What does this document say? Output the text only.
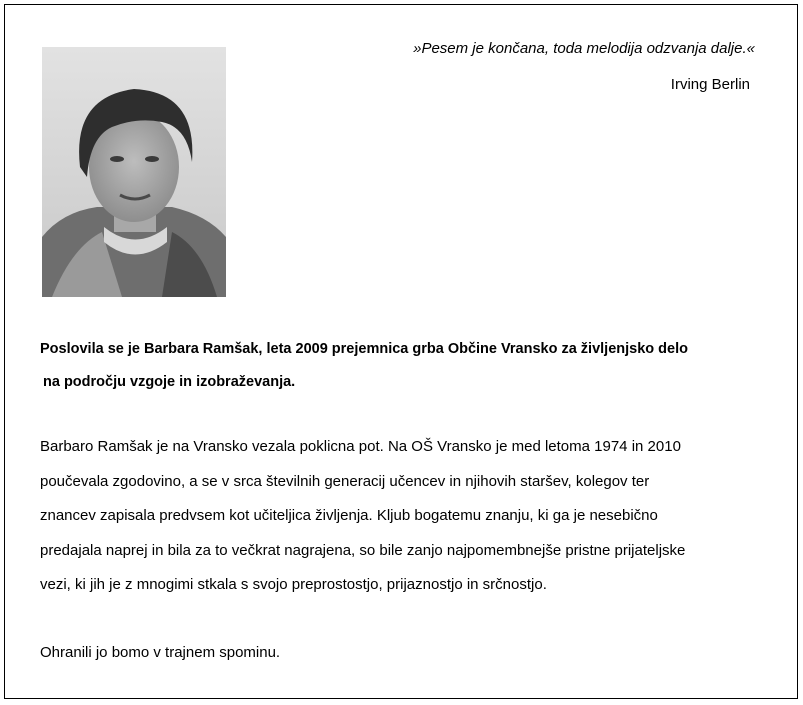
»Pesem je končana, toda melodija odzvanja dalje.«
Irving Berlin
Poslovila se je Barbara Ramšak, leta 2009 prejemnica grba Občine Vransko za življenjsko delo
na področju vzgoje in izobraževanja.
Barbaro Ramšak je na Vransko vezala poklicna pot. Na OŠ Vransko je med letoma 1974 in 2010
poučevala zgodovino, a se v srca številnih generacij učencev in njihovih staršev, kolegov ter
znancev zapisala predvsem kot učiteljica življenja. Kljub bogatemu znanju, ki ga je nesebično
predajala naprej in bila za to večkrat nagrajena, so bile zanjo najpomembnejše pristne prijateljske
vezi, ki jih je z mnogimi stkala s svojo preprostostjo, prijaznostjo in srčnostjo.
Ohranili jo bomo v trajnem spominu.
